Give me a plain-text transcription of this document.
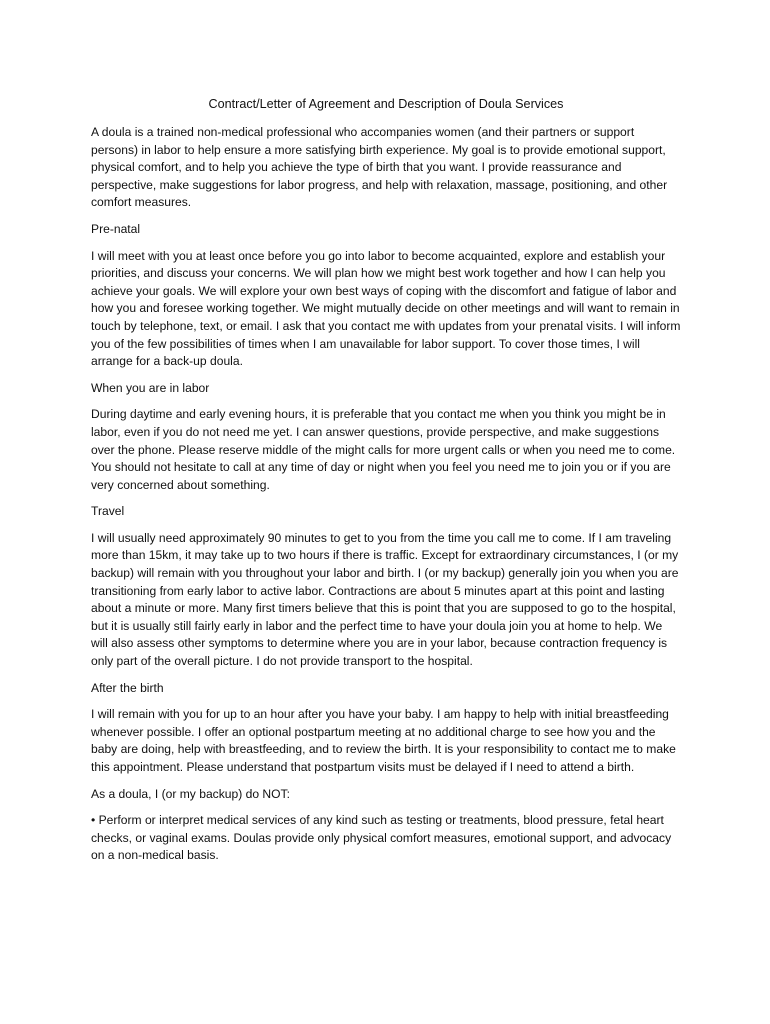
Contract/Letter of Agreement and Description of Doula Services

A doula is a trained non-medical professional who accompanies women (and their partners or support persons) in labor to help ensure a more satisfying birth experience. My goal is to provide emotional support, physical comfort, and to help you achieve the type of birth that you want. I provide reassurance and perspective, make suggestions for labor progress, and help with relaxation, massage, positioning, and other comfort measures.

Pre-natal

I will meet with you at least once before you go into labor to become acquainted, explore and establish your priorities, and discuss your concerns. We will plan how we might best work together and how I can help you achieve your goals. We will explore your own best ways of coping with the discomfort and fatigue of labor and how you and foresee working together. We might mutually decide on other meetings and will want to remain in touch by telephone, text, or email. I ask that you contact me with updates from your prenatal visits. I will inform you of the few possibilities of times when I am unavailable for labor support. To cover those times, I will arrange for a back-up doula.

When you are in labor

During daytime and early evening hours, it is preferable that you contact me when you think you might be in labor, even if you do not need me yet. I can answer questions, provide perspective, and make suggestions over the phone. Please reserve middle of the might calls for more urgent calls or when you need me to come. You should not hesitate to call at any time of day or night when you feel you need me to join you or if you are very concerned about something.

Travel

I will usually need approximately 90 minutes to get to you from the time you call me to come. If I am traveling more than 15km, it may take up to two hours if there is traffic. Except for extraordinary circumstances, I (or my backup) will remain with you throughout your labor and birth. I (or my backup) generally join you when you are transitioning from early labor to active labor. Contractions are about 5 minutes apart at this point and lasting about a minute or more. Many first timers believe that this is point that you are supposed to go to the hospital, but it is usually still fairly early in labor and the perfect time to have your doula join you at home to help. We will also assess other symptoms to determine where you are in your labor, because contraction frequency is only part of the overall picture. I do not provide transport to the hospital.

After the birth

I will remain with you for up to an hour after you have your baby. I am happy to help with initial breastfeeding whenever possible. I offer an optional postpartum meeting at no additional charge to see how you and the baby are doing, help with breastfeeding, and to review the birth. It is your responsibility to contact me to make this appointment. Please understand that postpartum visits must be delayed if I need to attend a birth.

As a doula, I (or my backup) do NOT:

• Perform or interpret medical services of any kind such as testing or treatments, blood pressure, fetal heart checks, or vaginal exams. Doulas provide only physical comfort measures, emotional support, and advocacy on a non-medical basis.
